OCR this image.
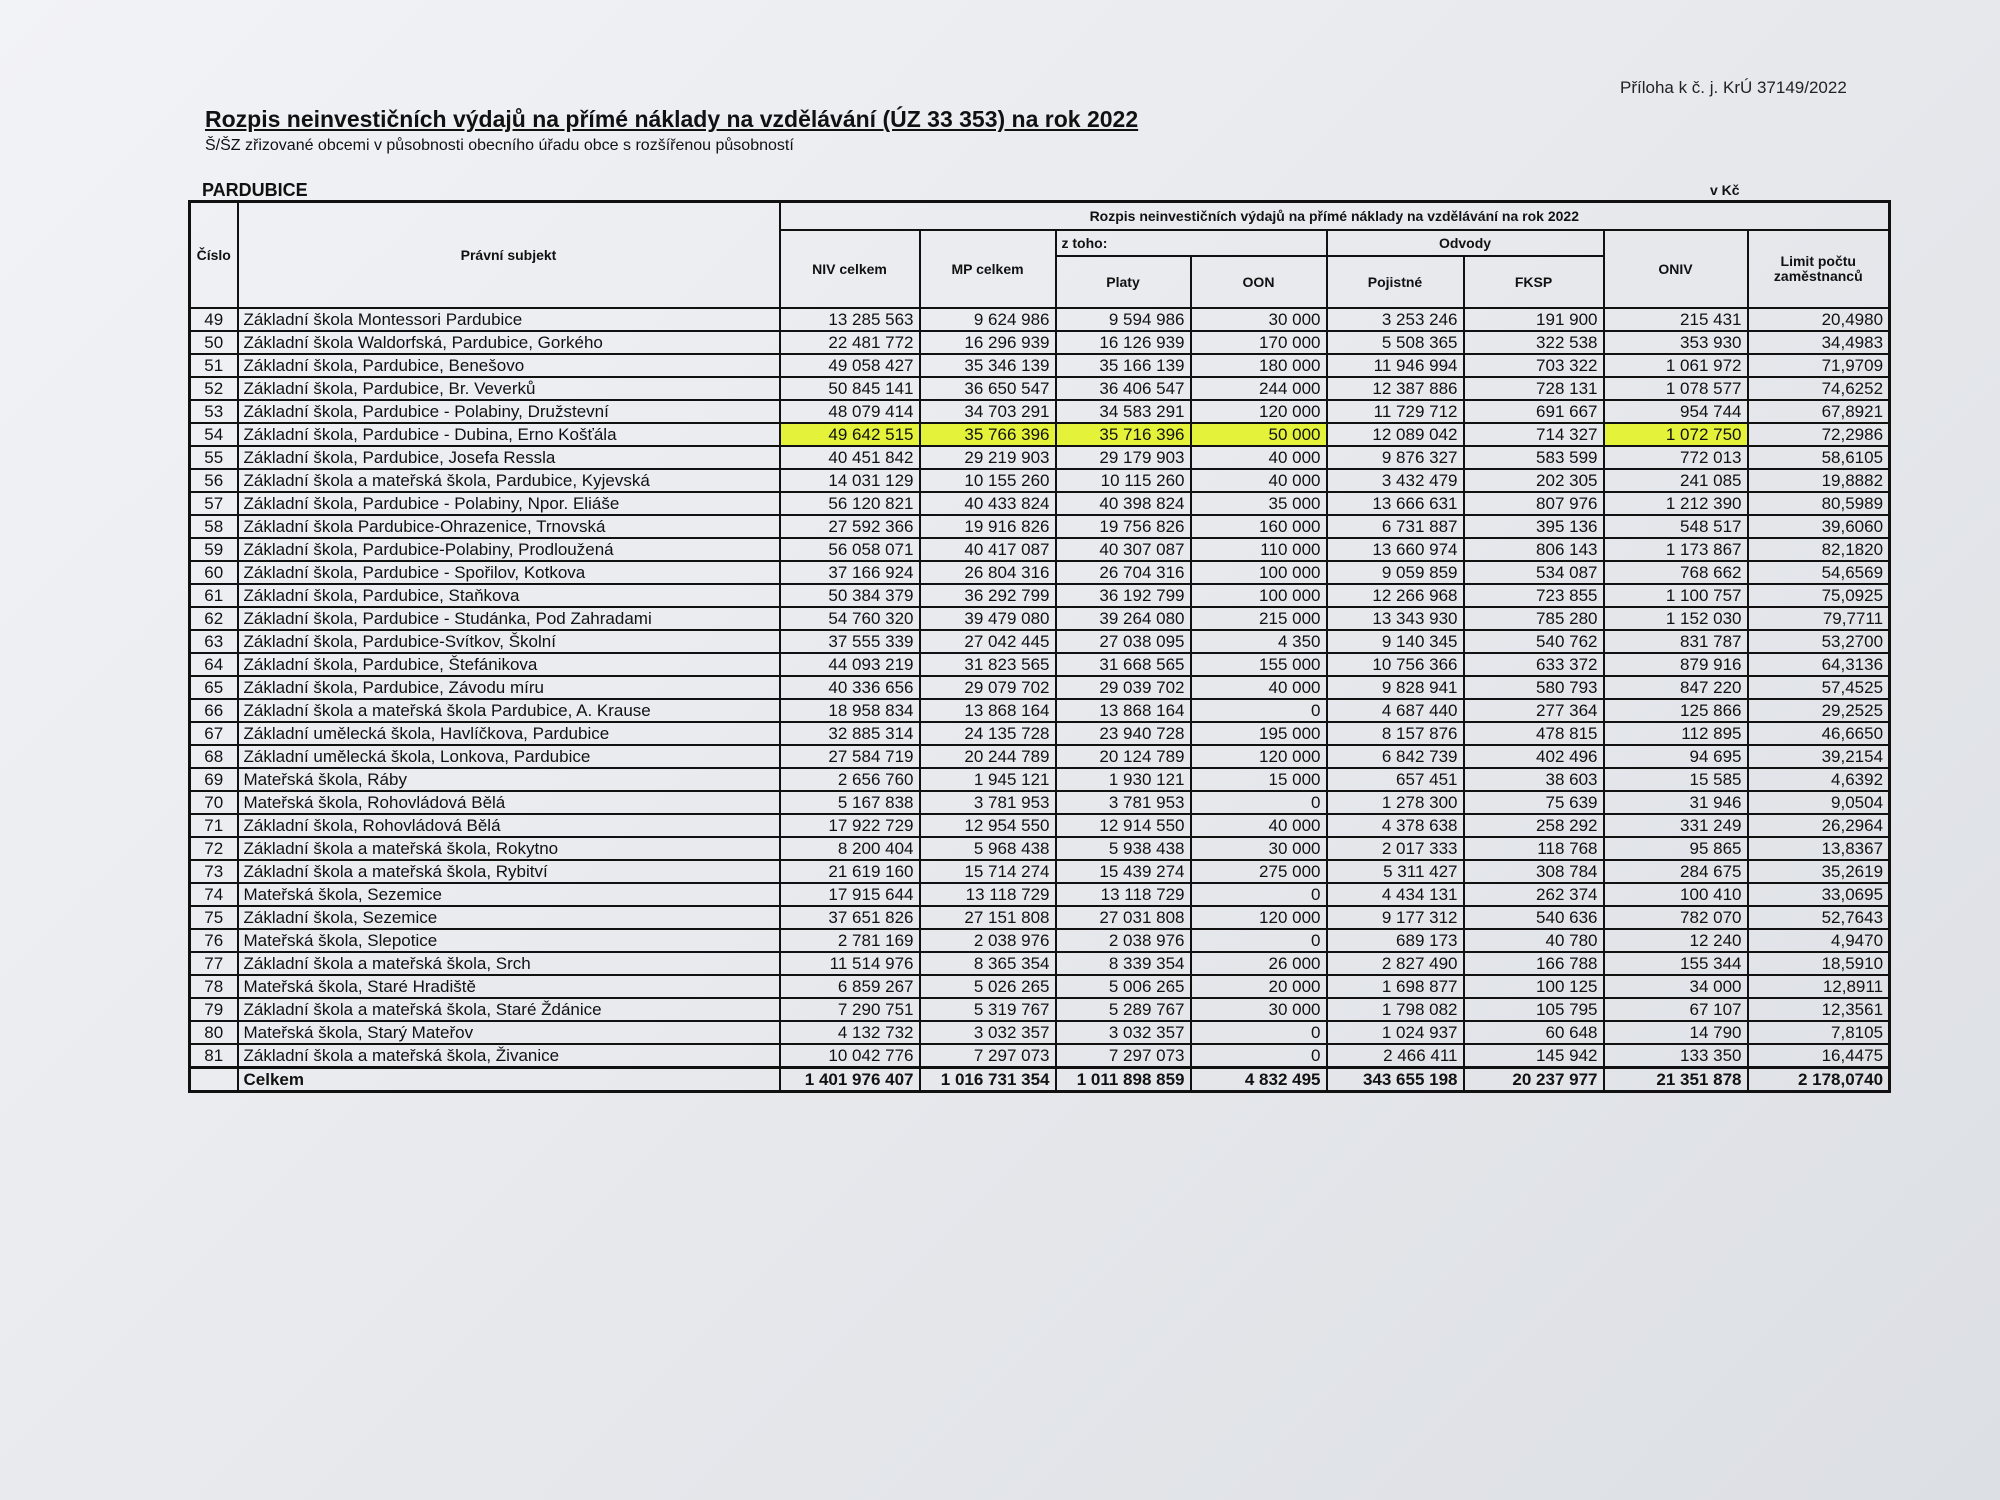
Příloha k č. j. KrÚ 37149/2022
Rozpis neinvestičních výdajů na přímé náklady na vzdělávání (ÚZ 33 353) na rok 2022
Š/ŠZ zřizované obcemi v působnosti obecního úřadu obce s rozšířenou působností
PARDUBICE	v Kč
Číslo	Právní subjekt	Rozpis neinvestičních výdajů na přímé náklady na vzdělávání na rok 2022							
		NIV celkem	MP celkem	z toho:		Odvody		ONIV	Limit počtu zaměstnanců
				Platy	OON	Pojistné	FKSP		
49	Základní škola Montessori Pardubice	13 285 563	9 624 986	9 594 986	30 000	3 253 246	191 900	215 431	20,4980
50	Základní škola Waldorfská, Pardubice, Gorkého	22 481 772	16 296 939	16 126 939	170 000	5 508 365	322 538	353 930	34,4983
51	Základní škola, Pardubice, Benešovo	49 058 427	35 346 139	35 166 139	180 000	11 946 994	703 322	1 061 972	71,9709
52	Základní škola, Pardubice, Br. Veverků	50 845 141	36 650 547	36 406 547	244 000	12 387 886	728 131	1 078 577	74,6252
53	Základní škola, Pardubice - Polabiny, Družstevní	48 079 414	34 703 291	34 583 291	120 000	11 729 712	691 667	954 744	67,8921
54	Základní škola, Pardubice - Dubina, Erno Košťála	49 642 515	35 766 396	35 716 396	50 000	12 089 042	714 327	1 072 750	72,2986
55	Základní škola, Pardubice, Josefa Ressla	40 451 842	29 219 903	29 179 903	40 000	9 876 327	583 599	772 013	58,6105
56	Základní škola a mateřská škola, Pardubice, Kyjevská	14 031 129	10 155 260	10 115 260	40 000	3 432 479	202 305	241 085	19,8882
57	Základní škola, Pardubice - Polabiny, Npor. Eliáše	56 120 821	40 433 824	40 398 824	35 000	13 666 631	807 976	1 212 390	80,5989
58	Základní škola Pardubice-Ohrazenice, Trnovská	27 592 366	19 916 826	19 756 826	160 000	6 731 887	395 136	548 517	39,6060
59	Základní škola, Pardubice-Polabiny, Prodloužená	56 058 071	40 417 087	40 307 087	110 000	13 660 974	806 143	1 173 867	82,1820
60	Základní škola, Pardubice - Spořilov, Kotkova	37 166 924	26 804 316	26 704 316	100 000	9 059 859	534 087	768 662	54,6569
61	Základní škola, Pardubice, Staňkova	50 384 379	36 292 799	36 192 799	100 000	12 266 968	723 855	1 100 757	75,0925
62	Základní škola, Pardubice - Studánka, Pod Zahradami	54 760 320	39 479 080	39 264 080	215 000	13 343 930	785 280	1 152 030	79,7711
63	Základní škola, Pardubice-Svítkov, Školní	37 555 339	27 042 445	27 038 095	4 350	9 140 345	540 762	831 787	53,2700
64	Základní škola, Pardubice, Štefánikova	44 093 219	31 823 565	31 668 565	155 000	10 756 366	633 372	879 916	64,3136
65	Základní škola, Pardubice, Závodu míru	40 336 656	29 079 702	29 039 702	40 000	9 828 941	580 793	847 220	57,4525
66	Základní škola a mateřská škola Pardubice, A. Krause	18 958 834	13 868 164	13 868 164	0	4 687 440	277 364	125 866	29,2525
67	Základní umělecká škola, Havlíčkova, Pardubice	32 885 314	24 135 728	23 940 728	195 000	8 157 876	478 815	112 895	46,6650
68	Základní umělecká škola, Lonkova, Pardubice	27 584 719	20 244 789	20 124 789	120 000	6 842 739	402 496	94 695	39,2154
69	Mateřská škola, Ráby	2 656 760	1 945 121	1 930 121	15 000	657 451	38 603	15 585	4,6392
70	Mateřská škola, Rohovládová Bělá	5 167 838	3 781 953	3 781 953	0	1 278 300	75 639	31 946	9,0504
71	Základní škola, Rohovládová Bělá	17 922 729	12 954 550	12 914 550	40 000	4 378 638	258 292	331 249	26,2964
72	Základní škola a mateřská škola, Rokytno	8 200 404	5 968 438	5 938 438	30 000	2 017 333	118 768	95 865	13,8367
73	Základní škola a mateřská škola, Rybitví	21 619 160	15 714 274	15 439 274	275 000	5 311 427	308 784	284 675	35,2619
74	Mateřská škola, Sezemice	17 915 644	13 118 729	13 118 729	0	4 434 131	262 374	100 410	33,0695
75	Základní škola, Sezemice	37 651 826	27 151 808	27 031 808	120 000	9 177 312	540 636	782 070	52,7643
76	Mateřská škola, Slepotice	2 781 169	2 038 976	2 038 976	0	689 173	40 780	12 240	4,9470
77	Základní škola a mateřská škola, Srch	11 514 976	8 365 354	8 339 354	26 000	2 827 490	166 788	155 344	18,5910
78	Mateřská škola, Staré Hradiště	6 859 267	5 026 265	5 006 265	20 000	1 698 877	100 125	34 000	12,8911
79	Základní škola a mateřská škola, Staré Ždánice	7 290 751	5 319 767	5 289 767	30 000	1 798 082	105 795	67 107	12,3561
80	Mateřská škola, Starý Mateřov	4 132 732	3 032 357	3 032 357	0	1 024 937	60 648	14 790	7,8105
81	Základní škola a mateřská škola, Živanice	10 042 776	7 297 073	7 297 073	0	2 466 411	145 942	133 350	16,4475
	Celkem	1 401 976 407	1 016 731 354	1 011 898 859	4 832 495	343 655 198	20 237 977	21 351 878	2 178,0740
